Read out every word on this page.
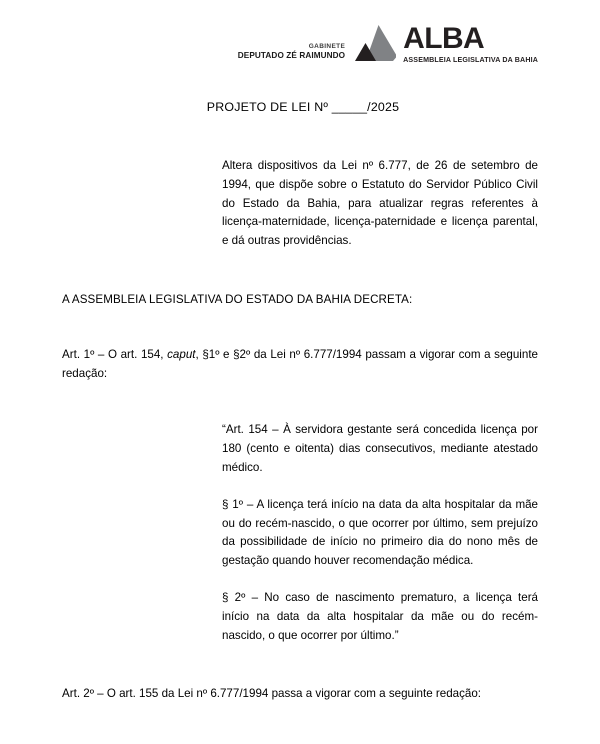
GABINETE
DEPUTADO ZÉ RAIMUNDO
ALBA
ASSEMBLEIA LEGISLATIVA DA BAHIA
PROJETO DE LEI Nº _____/2025

Altera dispositivos da Lei nº 6.777, de 26 de setembro de 1994, que dispõe sobre o Estatuto do Servidor Público Civil do Estado da Bahia, para atualizar regras referentes à licença-maternidade, licença-paternidade e licença parental, e dá outras providências.

A ASSEMBLEIA LEGISLATIVA DO ESTADO DA BAHIA DECRETA:

Art. 1º – O art. 154, caput, §1º e §2º da Lei nº 6.777/1994 passam a vigorar com a seguinte redação:

“Art. 154 – À servidora gestante será concedida licença por 180 (cento e oitenta) dias consecutivos, mediante atestado médico.

§ 1º – A licença terá início na data da alta hospitalar da mãe ou do recém-nascido, o que ocorrer por último, sem prejuízo da possibilidade de início no primeiro dia do nono mês de gestação quando houver recomendação médica.

§ 2º – No caso de nascimento prematuro, a licença terá início na data da alta hospitalar da mãe ou do recém-nascido, o que ocorrer por último.”

Art. 2º – O art. 155 da Lei nº 6.777/1994 passa a vigorar com a seguinte redação:
